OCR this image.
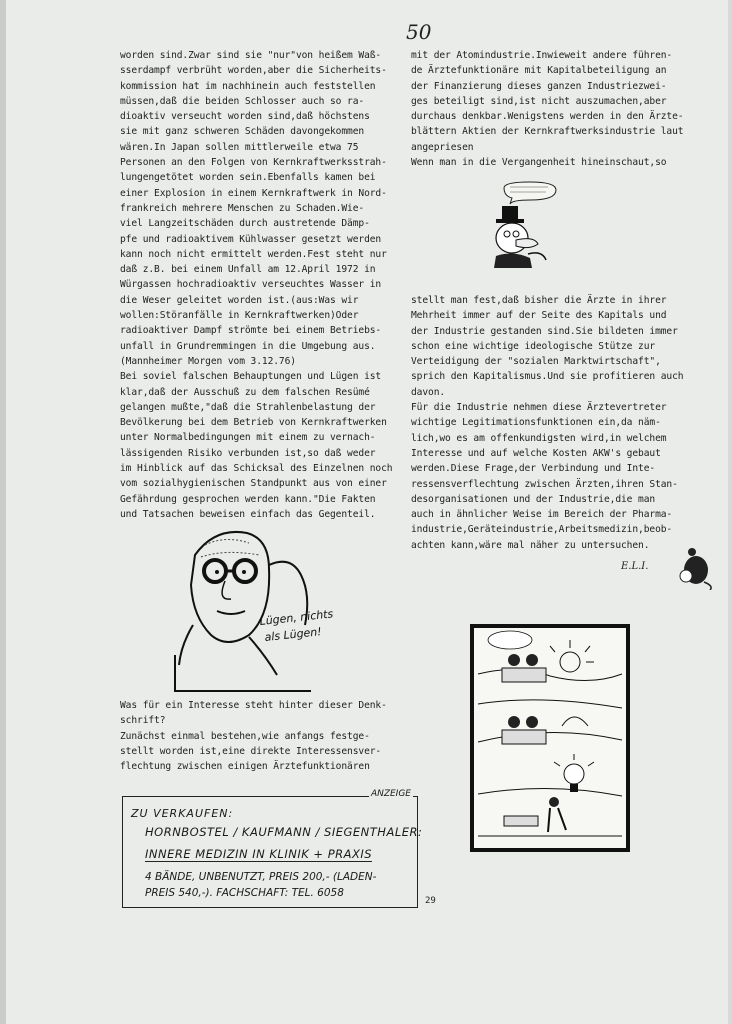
50
worden sind.Zwar sind sie "nur"von heißem Waß-
sserdampf verbrüht worden,aber die Sicherheits-
kommission hat im nachhinein auch feststellen
müssen,daß die beiden Schlosser auch so ra-
dioaktiv verseucht worden sind,daß höchstens
sie mit ganz schweren Schäden davongekommen
wären.In Japan sollen mittlerweile etwa 75
Personen an den Folgen von Kernkraftwerksstrah-
lungengetötet worden sein.Ebenfalls kamen bei
einer Explosion in einem Kernkraftwerk in Nord-
frankreich mehrere Menschen zu Schaden.Wie-
viel Langzeitschäden durch austretende Dämp-
pfe und radioaktivem Kühlwasser gesetzt werden
kann noch nicht ermittelt werden.Fest steht nur
daß z.B. bei einem Unfall am 12.April 1972 in
Würgassen hochradioaktiv verseuchtes Wasser in
die Weser geleitet worden ist.(aus:Was wir
wollen:Störanfälle in Kernkraftwerken)Oder
radioaktiver Dampf strömte bei einem Betriebs-
unfall in Grundremmingen in die Umgebung aus.
(Mannheimer Morgen vom 3.12.76)
Bei soviel falschen Behauptungen und Lügen ist
klar,daß der Ausschuß zu dem falschen Resümé
gelangen mußte,"daß die Strahlenbelastung der
Bevölkerung bei dem Betrieb von Kernkraftwerken
unter Normalbedingungen mit einem zu vernach-
lässigenden Risiko verbunden ist,so daß weder
im Hinblick auf das Schicksal des Einzelnen noch
vom sozialhygienischen Standpunkt aus von einer
Gefährdung gesprochen werden kann."Die Fakten
und Tatsachen beweisen einfach das Gegenteil.
Was für ein Interesse steht hinter dieser Denk-
schrift?
Zunächst einmal bestehen,wie anfangs festge-
stellt worden ist,eine direkte Interessensver-
flechtung zwischen einigen Ärztefunktionären
mit der Atomindustrie.Inwieweit andere führen-
de Ärztefunktionäre mit Kapitalbeteiligung an
der Finanzierung dieses ganzen Industriezwei-
ges beteiligt sind,ist nicht auszumachen,aber
durchaus denkbar.Wenigstens werden in den Ärzte-
blättern Aktien der Kernkraftwerksindustrie laut
angepriesen
Wenn man in die Vergangenheit hineinschaut,so
stellt man fest,daß bisher die Ärzte in ihrer
Mehrheit immer auf der Seite des Kapitals und
der Industrie gestanden sind.Sie bildeten immer
schon eine wichtige ideologische Stütze zur
Verteidigung der "sozialen Marktwirtschaft",
sprich den Kapitalismus.Und sie profitieren auch
davon.
Für die Industrie nehmen diese Ärztevertreter
wichtige Legitimationsfunktionen ein,da näm-
lich,wo es am offenkundigsten wird,in welchem
Interesse und auf welche Kosten AKW's gebaut
werden.Diese Frage,der Verbindung und Inte-
ressensverflechtung zwischen Ärzten,ihren Stan-
desorganisationen und der Industrie,die man
auch in ähnlicher Weise im Bereich der Pharma-
industrie,Geräteindustrie,Arbeitsmedizin,beob-
achten kann,wäre mal näher zu untersuchen.
E.L.I.
Lügen, nichts
als Lügen!
ANZEIGE
ZU VERKAUFEN:
HORNBOSTEL / KAUFMANN / SIEGENTHALER:
INNERE MEDIZIN IN KLINIK + PRAXIS
4 BÄNDE, UNBENUTZT, PREIS 200,- (LADEN-
PREIS 540,-). FACHSCHAFT: TEL. 6058
29
